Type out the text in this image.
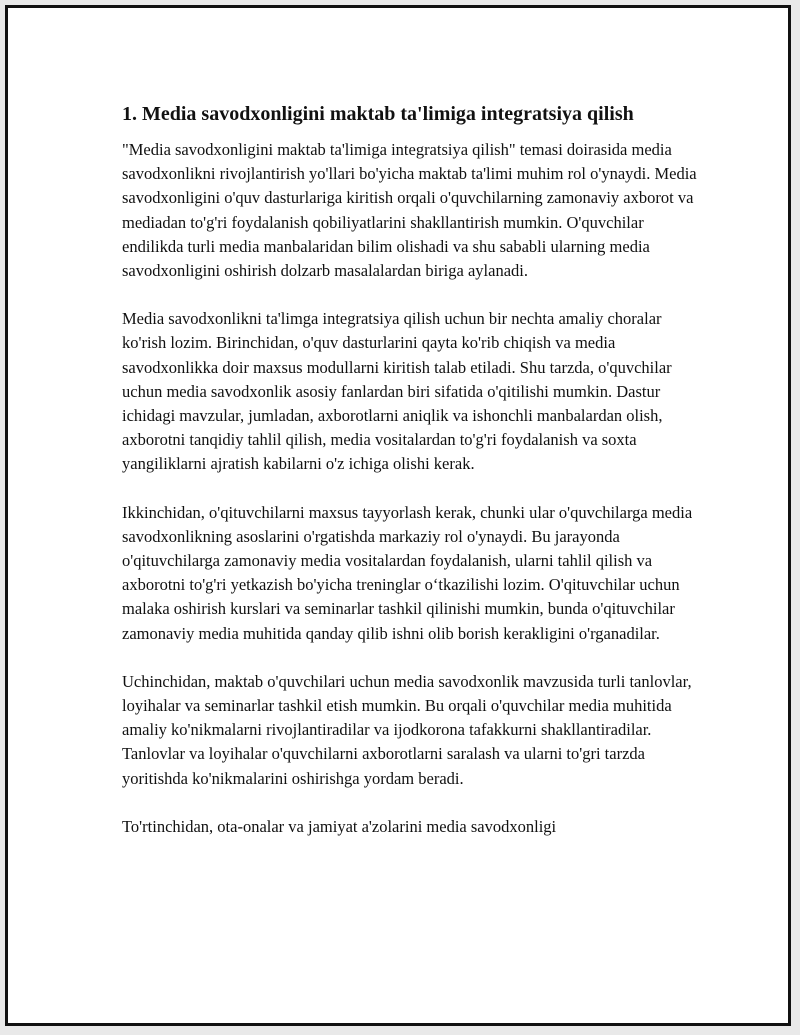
1. Media savodxonligini maktab ta'limiga integratsiya qilish

"Media savodxonligini maktab ta'limiga integratsiya qilish" temasi doirasida media savodxonlikni rivojlantirish yo'llari bo'yicha maktab ta'limi muhim rol o'ynaydi. Media savodxonligini o'quv dasturlariga kiritish orqali o'quvchilarning zamonaviy axborot va mediadan to'g'ri foydalanish qobiliyatlarini shakllantirish mumkin. O'quvchilar endilikda turli media manbalaridan bilim olishadi va shu sababli ularning media savodxonligini oshirish dolzarb masalalardan biriga aylanadi.

Media savodxonlikni ta'limga integratsiya qilish uchun bir nechta amaliy choralar ko'rish lozim. Birinchidan, o'quv dasturlarini qayta ko'rib chiqish va media savodxonlikka doir maxsus modullarni kiritish talab etiladi. Shu tarzda, o'quvchilar uchun media savodxonlik asosiy fanlardan biri sifatida o'qitilishi mumkin. Dastur ichidagi mavzular, jumladan, axborotlarni aniqlik va ishonchli manbalardan olish, axborotni tanqidiy tahlil qilish, media vositalardan to'g'ri foydalanish va soxta yangiliklarni ajratish kabilarni o'z ichiga olishi kerak.

Ikkinchidan, o'qituvchilarni maxsus tayyorlash kerak, chunki ular o'quvchilarga media savodxonlikning asoslarini o'rgatishda markaziy rol o'ynaydi. Bu jarayonda o'qituvchilarga zamonaviy media vositalardan foydalanish, ularni tahlil qilish va axborotni to'g'ri yetkazish bo'yicha treninglar o‘tkazilishi lozim. O'qituvchilar uchun malaka oshirish kurslari va seminarlar tashkil qilinishi mumkin, bunda o'qituvchilar zamonaviy media muhitida qanday qilib ishni olib borish kerakligini o'rganadilar.

Uchinchidan, maktab o'quvchilari uchun media savodxonlik mavzusida turli tanlovlar, loyihalar va seminarlar tashkil etish mumkin. Bu orqali o'quvchilar media muhitida amaliy ko'nikmalarni rivojlantiradilar va ijodkorona tafakkurni shakllantiradilar. Tanlovlar va loyihalar o'quvchilarni axborotlarni saralash va ularni to'gri tarzda yoritishda ko'nikmalarini oshirishga yordam beradi.

To'rtinchidan, ota-onalar va jamiyat a'zolarini media savodxonligi
